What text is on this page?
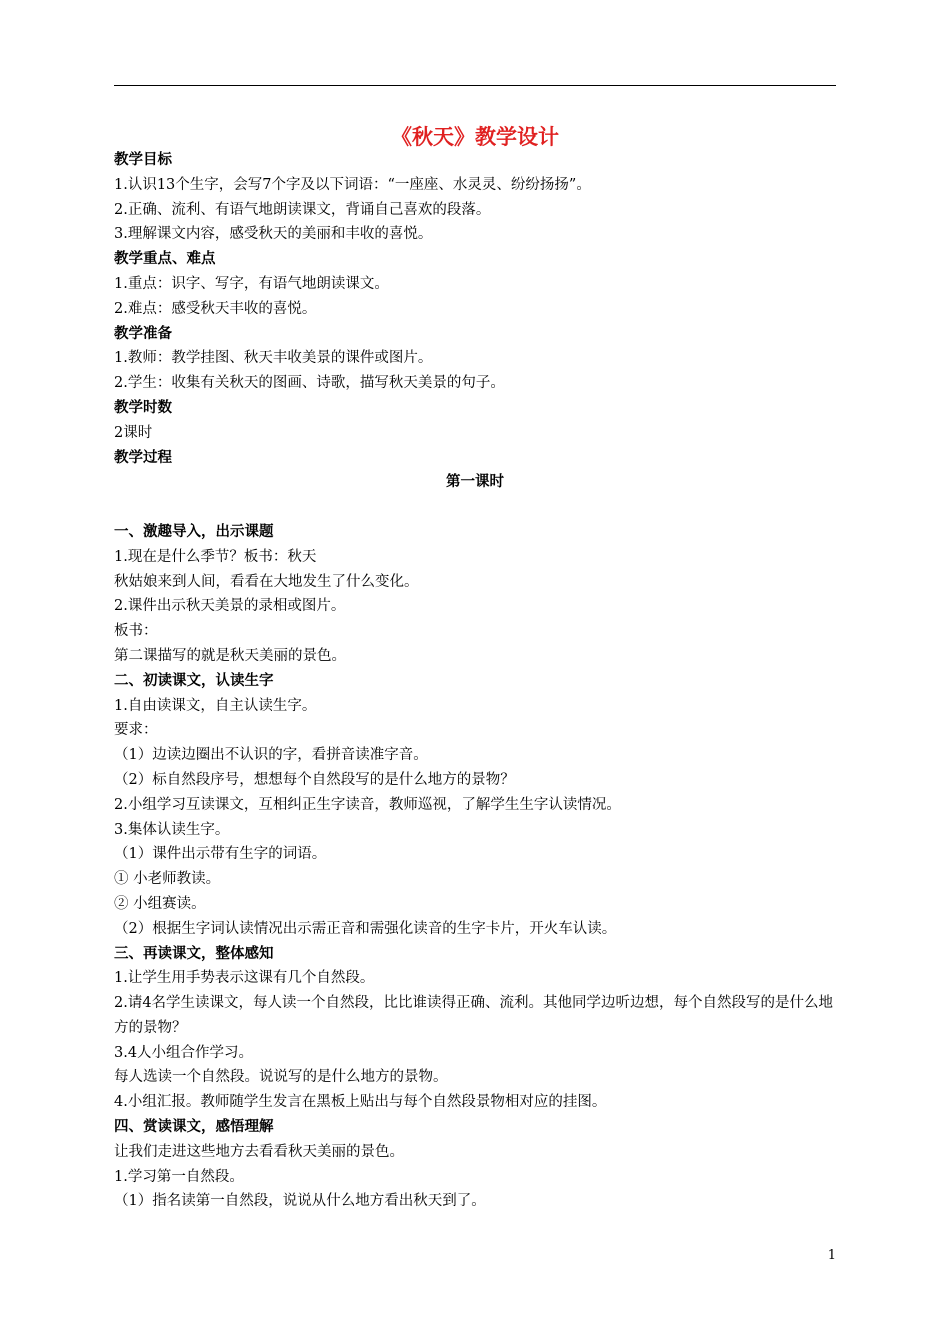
《秋天》教学设计
教学目标
1.认识13个生字，会写7个字及以下词语：“一座座、水灵灵、纷纷扬扬”。
2.正确、流利、有语气地朗读课文，背诵自己喜欢的段落。
3.理解课文内容，感受秋天的美丽和丰收的喜悦。
教学重点、难点
1.重点：识字、写字，有语气地朗读课文。
2.难点：感受秋天丰收的喜悦。
教学准备
1.教师：教学挂图、秋天丰收美景的课件或图片。
2.学生：收集有关秋天的图画、诗歌，描写秋天美景的句子。
教学时数
2课时
教学过程
第一课时
一、激趣导入，出示课题
1.现在是什么季节？板书：秋天
秋姑娘来到人间，看看在大地发生了什么变化。
2.课件出示秋天美景的录相或图片。
板书：
第二课描写的就是秋天美丽的景色。
二、初读课文，认读生字
1.自由读课文，自主认读生字。
要求：
（1）边读边圈出不认识的字，看拼音读准字音。
（2）标自然段序号，想想每个自然段写的是什么地方的景物？
2.小组学习互读课文，互相纠正生字读音，教师巡视，了解学生生字认读情况。
3.集体认读生字。
（1）课件出示带有生字的词语。
① 小老师教读。
② 小组赛读。
（2）根据生字词认读情况出示需正音和需强化读音的生字卡片，开火车认读。
三、再读课文，整体感知
1.让学生用手势表示这课有几个自然段。
2.请4名学生读课文，每人读一个自然段，比比谁读得正确、流利。其他同学边听边想，每个自然段写的是什么地方的景物？
3.4人小组合作学习。
每人选读一个自然段。说说写的是什么地方的景物。
4.小组汇报。教师随学生发言在黑板上贴出与每个自然段景物相对应的挂图。
四、赏读课文，感悟理解
让我们走进这些地方去看看秋天美丽的景色。
1.学习第一自然段。
（1）指名读第一自然段，说说从什么地方看出秋天到了。
1
